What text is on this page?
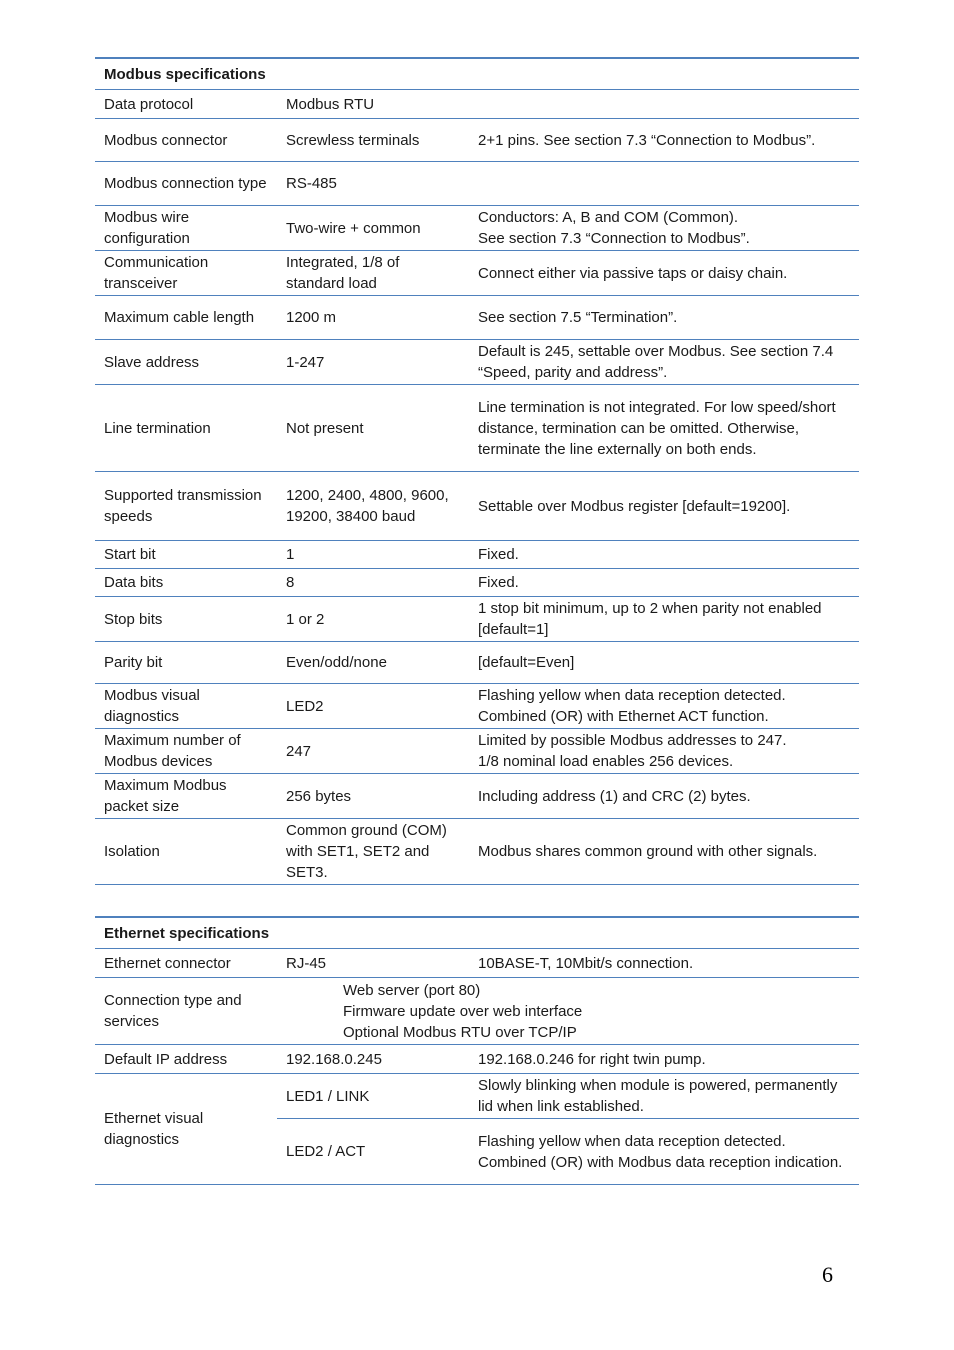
Modbus specifications		
Data protocol	Modbus RTU	
Modbus connector	Screwless terminals	2+1 pins. See section 7.3 “Connection to Modbus”.
Modbus connection type	RS-485	
Modbus wire configuration	Two-wire + common	Conductors: A, B and COM (Common).
See section 7.3 “Connection to Modbus”.
Communication transceiver	Integrated, 1/8 of standard load	Connect either via passive taps or daisy chain.
Maximum cable length	1200 m	See section 7.5 “Termination”.
Slave address	1-247	Default is 245, settable over Modbus. See section 7.4 “Speed, parity and address”.
Line termination	Not present	Line termination is not integrated. For low speed/short distance, termination can be omitted. Otherwise, terminate the line externally on both ends.
Supported transmission speeds	1200, 2400, 4800, 9600, 19200, 38400 baud	Settable over Modbus register [default=19200].
Start bit	1	Fixed.
Data bits	8	Fixed.
Stop bits	1 or 2	1 stop bit minimum, up to 2 when parity not enabled [default=1]
Parity bit	Even/odd/none	[default=Even]
Modbus visual diagnostics	LED2	Flashing yellow when data reception detected. Combined (OR) with Ethernet ACT function.
Maximum number of Modbus devices	247	Limited by possible Modbus addresses to 247.
1/8 nominal load enables 256 devices.
Maximum Modbus packet size	256 bytes	Including address (1) and CRC (2) bytes.
Isolation	Common ground (COM) with SET1, SET2 and SET3.	Modbus shares common ground with other signals.
Ethernet specifications		
Ethernet connector	RJ-45	10BASE-T, 10Mbit/s connection.
Connection type and services	Web server (port 80)
Firmware update over web interface
Optional Modbus RTU over TCP/IP	
Default IP address	192.168.0.245	192.168.0.246 for right twin pump.
Ethernet visual diagnostics	LED1 / LINK	Slowly blinking when module is powered, permanently lid when link established.
	LED2 / ACT	Flashing yellow when data reception detected. Combined (OR) with Modbus data reception indication.
6
